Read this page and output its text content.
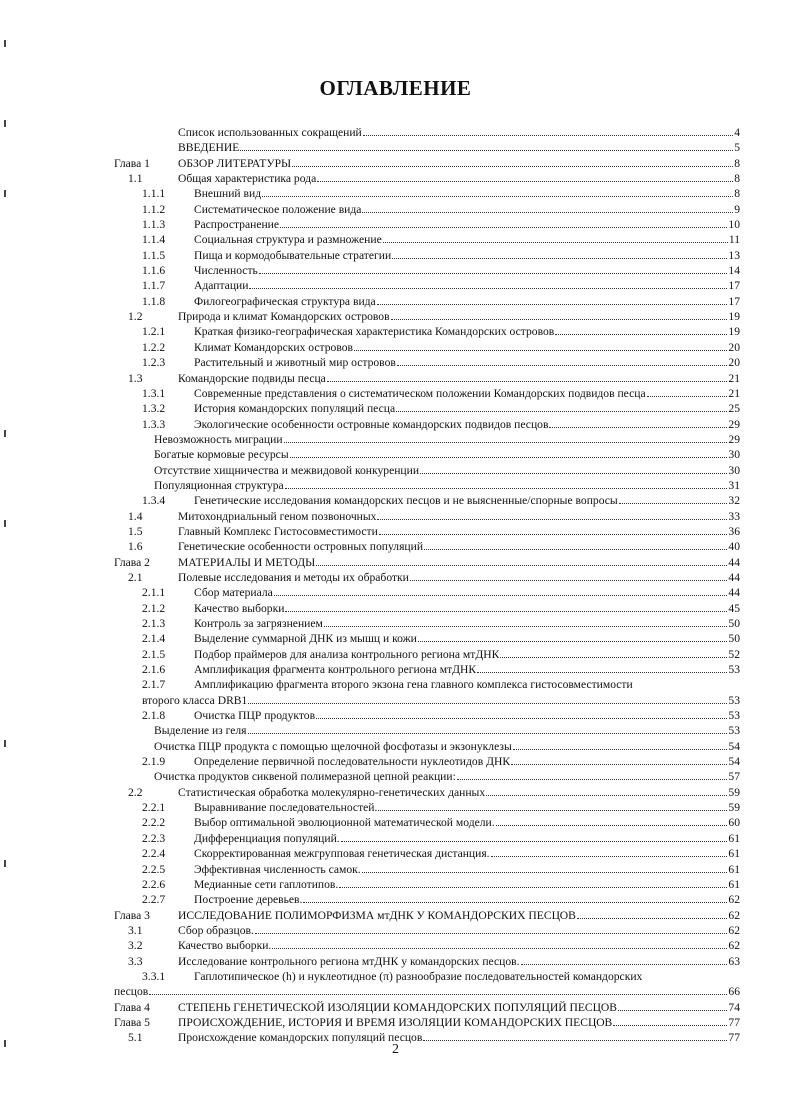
ОГЛАВЛЕНИЕ
Список использованных сокращений	4
ВВЕДЕНИЕ	5
Глава 1	ОБЗОР ЛИТЕРАТУРЫ	8
1.1	Общая характеристика рода	8
1.1.1	Внешний вид	8
1.1.2	Систематическое положение вида	9
1.1.3	Распространение	10
1.1.4	Социальная структура и размножение	11
1.1.5	Пища и кормодобывательные стратегии	13
1.1.6	Численность	14
1.1.7	Адаптации	17
1.1.8	Филогеографическая структура вида	17
1.2	Природа и климат Командорских островов	19
1.2.1	Краткая физико-географическая характеристика Командорских островов	19
1.2.2	Климат Командорских островов	20
1.2.3	Растительный и животный мир островов	20
1.3	Командорские подвиды песца	21
1.3.1	Современные представления о систематическом положении Командорских подвидов песца	21
1.3.2	История командорских популяций песца	25
1.3.3	Экологические особенности островные командорских подвидов песцов	29
Невозможность миграции	29
Богатые кормовые ресурсы	30
Отсутствие хищничества и межвидовой конкуренции	30
Популяционная структура	31
1.3.4	Генетические исследования командорских песцов и не выясненные/спорные вопросы	32
1.4	Митохондриальный геном позвоночных	33
1.5	Главный Комплекс Гистосовместимости	36
1.6	Генетические особенности островных популяций	40
Глава 2	МАТЕРИАЛЫ И МЕТОДЫ	44
2.1	Полевые исследования и методы их обработки	44
2.1.1	Сбор материала	44
2.1.2	Качество выборки	45
2.1.3	Контроль за загрязнением	50
2.1.4	Выделение суммарной ДНК из мышц и кожи	50
2.1.5	Подбор праймеров для анализа контрольного региона мтДНК	52
2.1.6	Амплификация фрагмента контрольного региона мтДНК	53
2.1.7	Амплификацию фрагмента второго экзона гена главного комплекса гистосовместимости
второго класса DRB1	53
2.1.8	Очистка ПЦР продуктов	53
Выделение из геля	53
Очистка ПЦР продукта с помощью щелочной фосфотазы и экзонуклезы	54
2.1.9	Определение первичной последовательности нуклеотидов ДНК	54
Очистка продуктов сиквеной полимеразной цепной реакции:	57
2.2	Статистическая обработка молекулярно-генетических данных	59
2.2.1	Выравнивание последовательностей.	59
2.2.2	Выбор оптимальной эволюционной математической модели.	60
2.2.3	Дифференциация популяций.	61
2.2.4	Скорректированная межгрупповая генетическая дистанция.	61
2.2.5	Эффективная численность самок.	61
2.2.6	Медианные сети гаплотипов.	61
2.2.7	Построение деревьев.	62
Глава 3	ИССЛЕДОВАНИЕ ПОЛИМОРФИЗМА мтДНК У КОМАНДОРСКИХ ПЕСЦОВ	62
3.1	Сбор образцов.	62
3.2	Качество выборки.	62
3.3	Исследование контрольного региона мтДНК у командорских песцов.	63
3.3.1	Гаплотипическое (h) и нуклеотидное (π) разнообразие последовательностей командорских
песцов	66
Глава 4	СТЕПЕНЬ ГЕНЕТИЧЕСКОЙ ИЗОЛЯЦИИ КОМАНДОРСКИХ ПОПУЛЯЦИЙ ПЕСЦОВ	74
Глава 5	ПРОИСХОЖДЕНИЕ, ИСТОРИЯ И ВРЕМЯ ИЗОЛЯЦИИ КОМАНДОРСКИХ ПЕСЦОВ	77
5.1	Происхождение командорских популяций песцов	77
2
